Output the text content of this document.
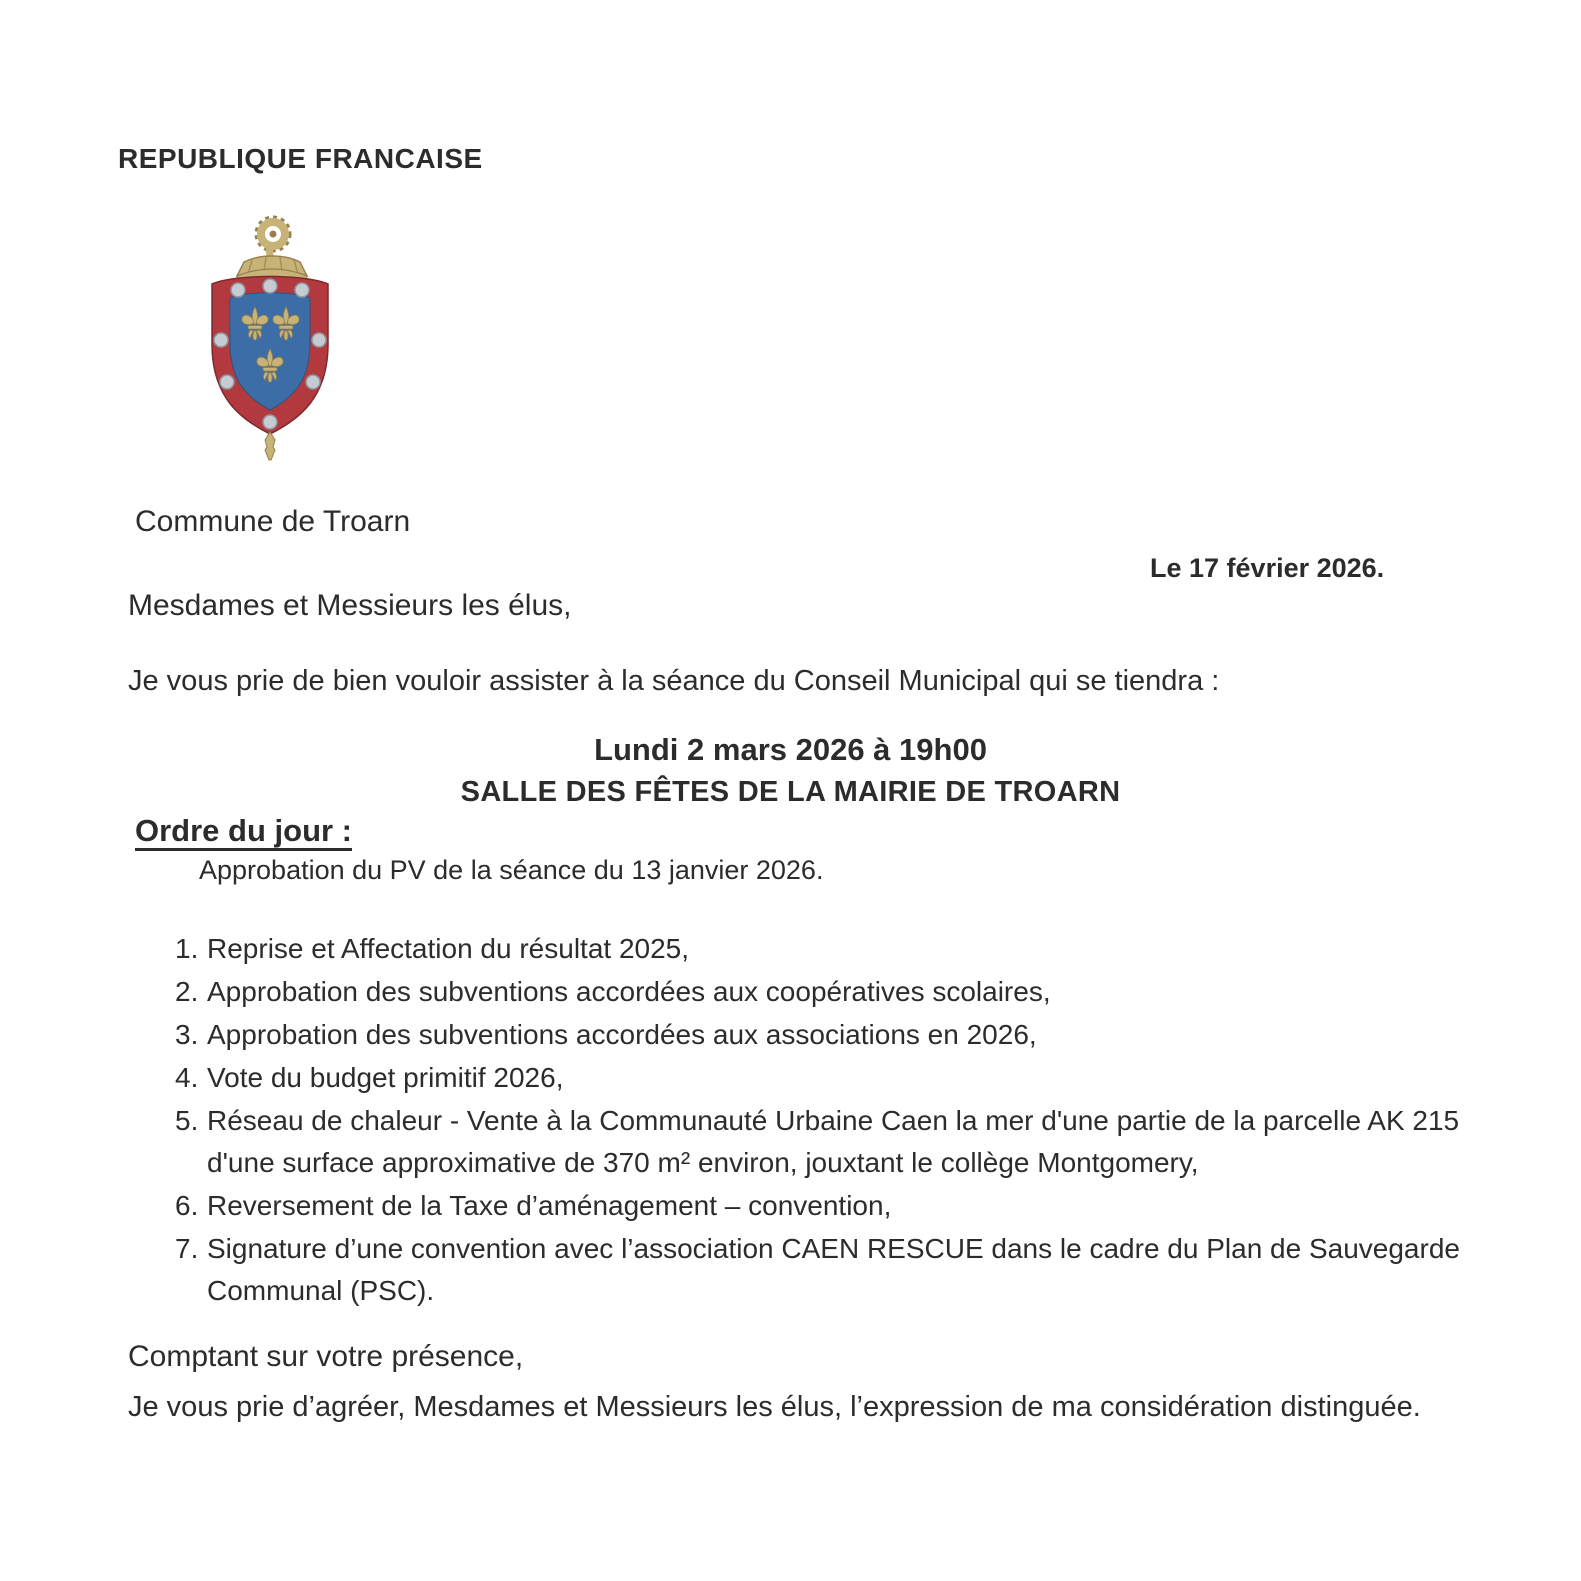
REPUBLIQUE FRANCAISE
Commune de Troarn
Le 17 février 2026.
Mesdames et Messieurs les élus,
Je vous prie de bien vouloir assister à la séance du Conseil Municipal qui se tiendra :
Lundi 2 mars 2026 à 19h00
SALLE DES FÊTES DE LA MAIRIE DE TROARN
Ordre du jour :
Approbation du PV de la séance du 13 janvier 2026.
Reprise et Affectation du résultat 2025,
Approbation des subventions accordées aux coopératives scolaires,
Approbation des subventions accordées aux associations en 2026,
Vote du budget primitif 2026,
Réseau de chaleur - Vente à la Communauté Urbaine Caen la mer d'une partie de la parcelle AK 215 d'une surface approximative de 370 m² environ, jouxtant le collège Montgomery,
Reversement de la Taxe d’aménagement – convention,
Signature d’une convention avec l’association CAEN RESCUE dans le cadre du Plan de Sauvegarde Communal (PSC).
Comptant sur votre présence,
Je vous prie d’agréer, Mesdames et Messieurs les élus, l’expression de ma considération distinguée.
